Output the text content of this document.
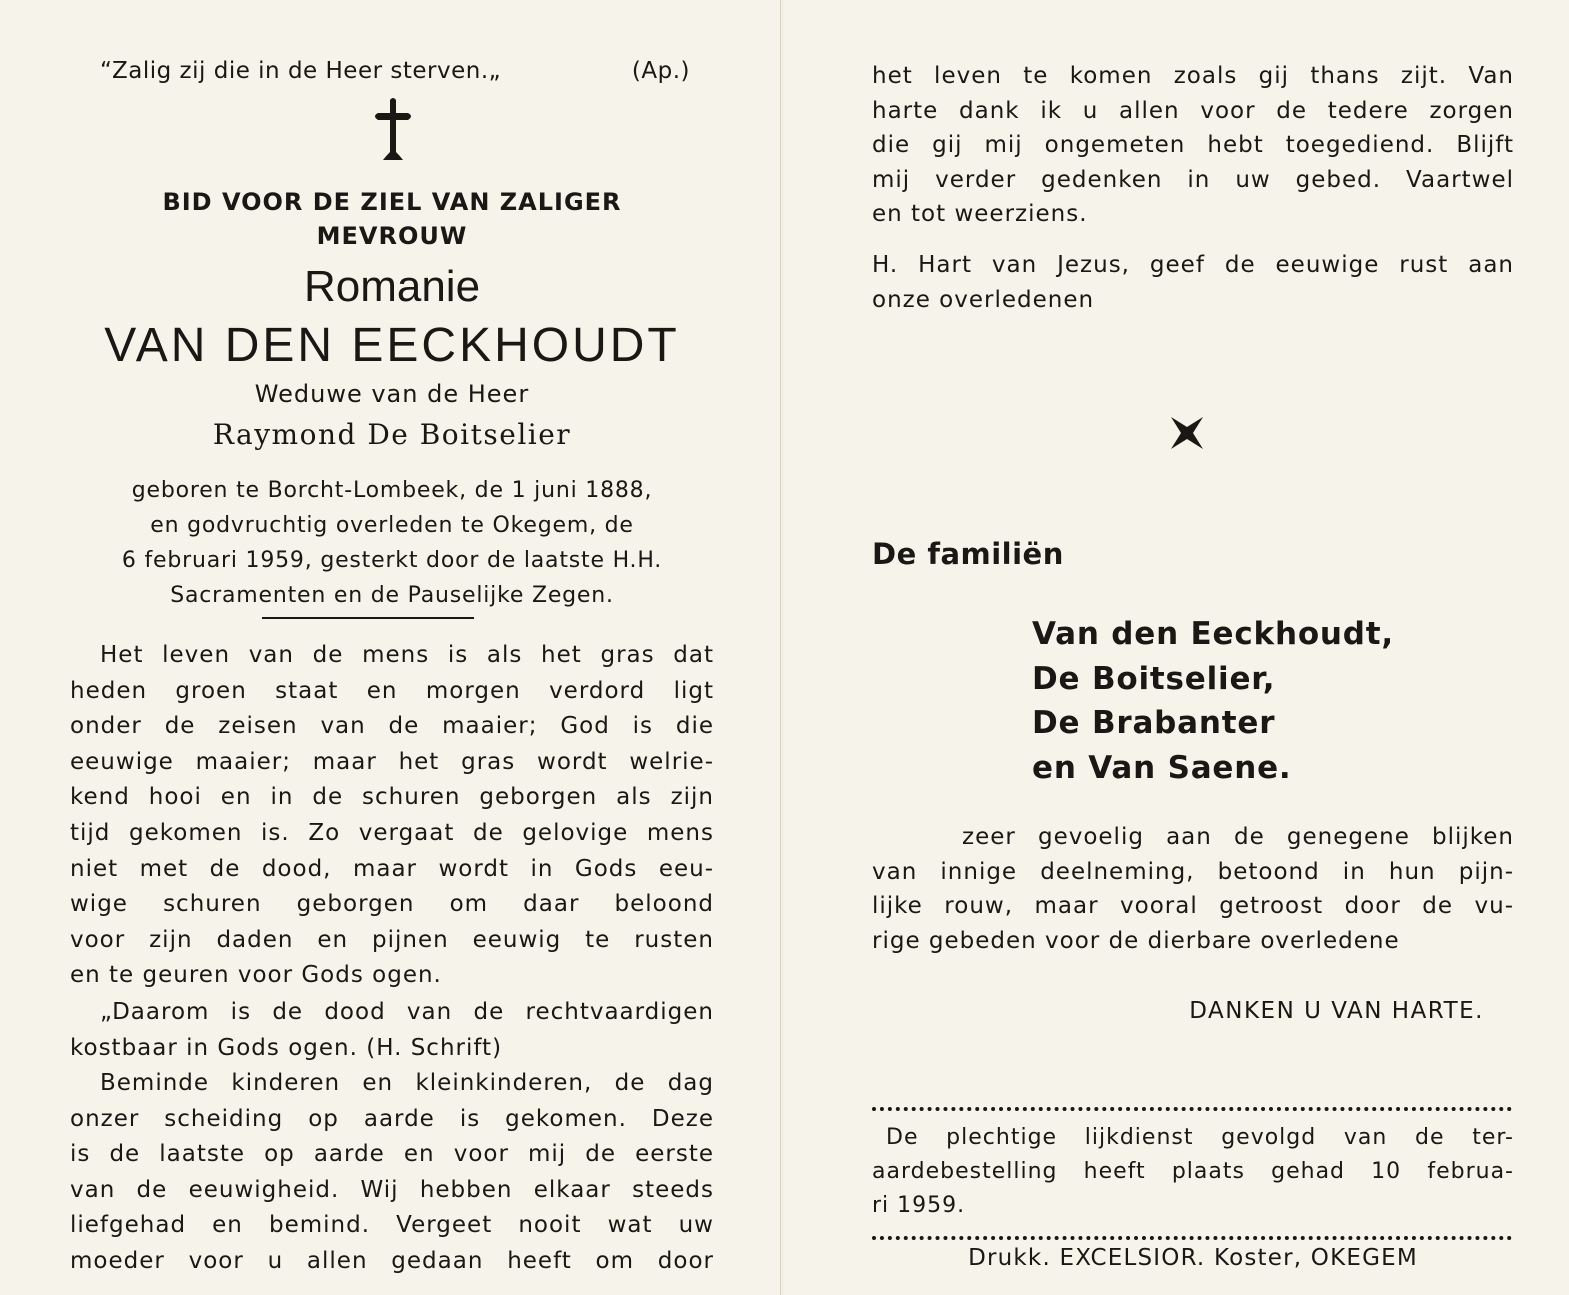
“Zalig zij die in de Heer sterven.„	(Ap.)
BID VOOR DE ZIEL VAN ZALIGER
MEVROUW
Romanie
VAN DEN EECKHOUDT
Weduwe van de Heer
Raymond De Boitselier
geboren te Borcht-Lombeek, de 1 juni 1888,
en godvruchtig overleden te Okegem, de
6 februari 1959, gesterkt door de laatste H.H.
Sacramenten en de Pauselijke Zegen.
Het leven van de mens is als het gras dat
heden groen staat en morgen verdord ligt
onder de zeisen van de maaier; God is die
eeuwige maaier; maar het gras wordt welrie-
kend hooi en in de schuren geborgen als zijn
tijd gekomen is. Zo vergaat de gelovige mens
niet met de dood, maar wordt in Gods eeu-
wige schuren geborgen om daar beloond
voor zijn daden en pijnen eeuwig te rusten
en te geuren voor Gods ogen.
„Daarom is de dood van de rechtvaardigen
kostbaar in Gods ogen. (H. Schrift)
Beminde kinderen en kleinkinderen, de dag
onzer scheiding op aarde is gekomen. Deze
is de laatste op aarde en voor mij de eerste
van de eeuwigheid. Wij hebben elkaar steeds
liefgehad en bemind. Vergeet nooit wat uw
moeder voor u allen gedaan heeft om door
het leven te komen zoals gij thans zijt. Van
harte dank ik u allen voor de tedere zorgen
die gij mij ongemeten hebt toegediend. Blijft
mij verder gedenken in uw gebed. Vaartwel
en tot weerziens.
H. Hart van Jezus, geef de eeuwige rust aan
onze overledenen
De familiën
Van den Eeckhoudt,
De Boitselier,
De Brabanter
en Van Saene.
zeer gevoelig aan de genegene blijken
van innige deelneming, betoond in hun pijn-
lijke rouw, maar vooral getroost door de vu-
rige gebeden voor de dierbare overledene
DANKEN U VAN HARTE.
De plechtige lijkdienst gevolgd van de ter-
aardebestelling heeft plaats gehad 10 februa-
ri 1959.
Drukk. EXCELSIOR. Koster, OKEGEM
